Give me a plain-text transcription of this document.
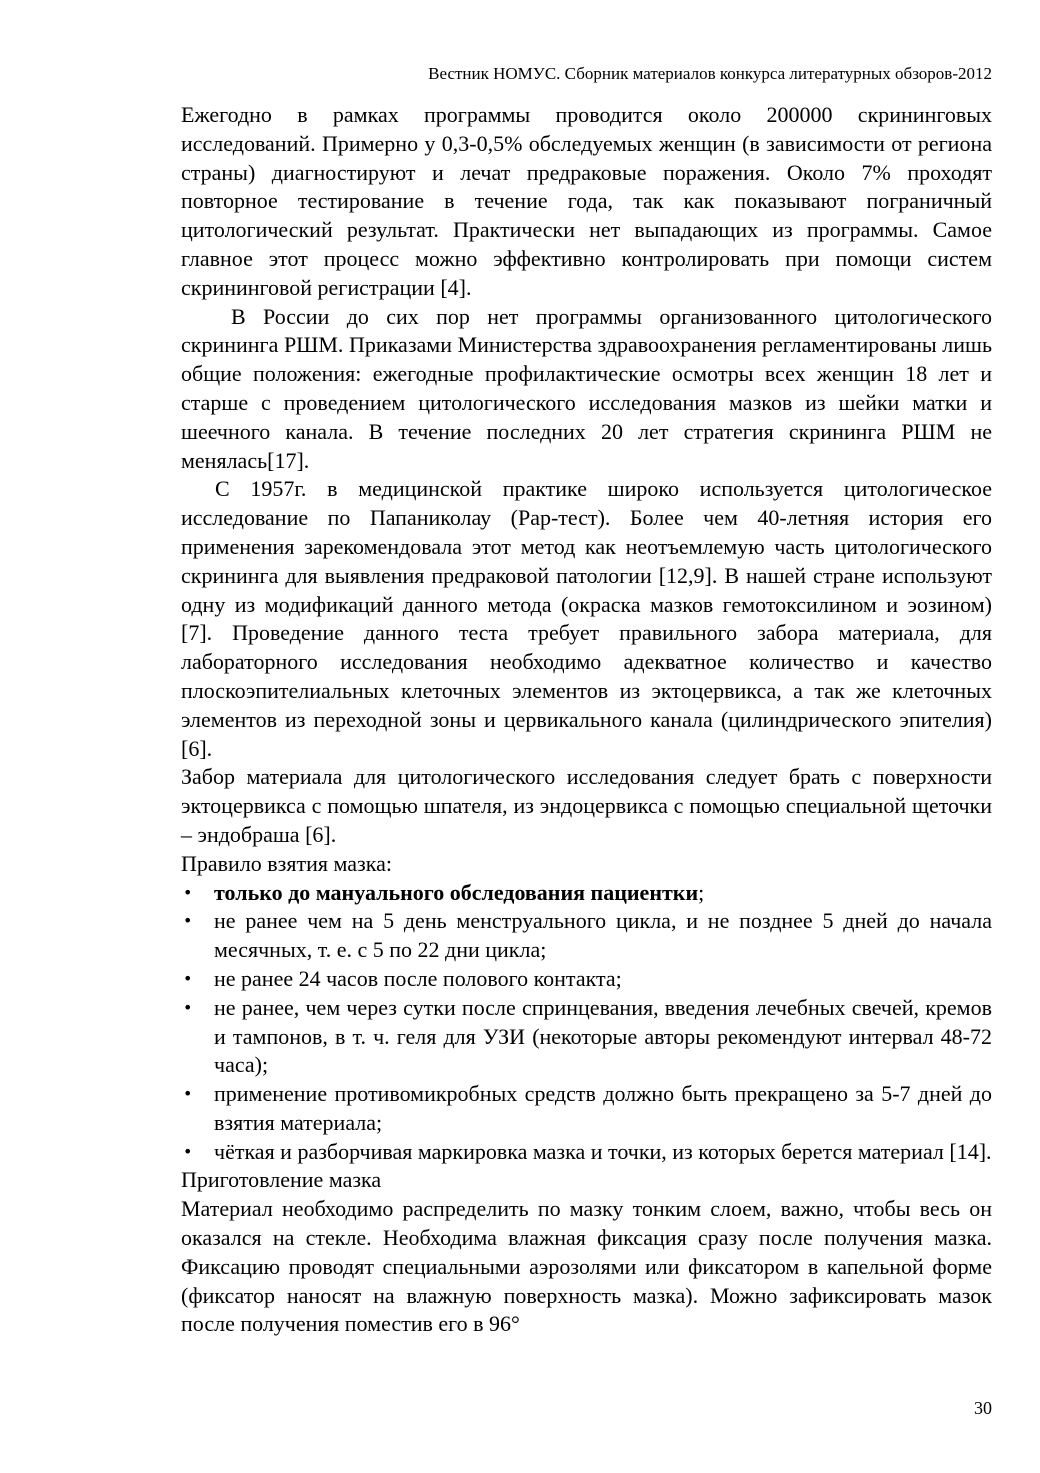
Вестник НОМУС. Сборник материалов конкурса литературных обзоров-2012

Ежегодно в рамках программы проводится около 200000 скрининговых исследований. Примерно у 0,3-0,5% обследуемых женщин (в зависимости от региона страны) диагностируют и лечат предраковые поражения. Около 7% проходят повторное тестирование в течение года, так как показывают пограничный цитологический результат. Практически нет выпадающих из программы. Самое главное этот процесс можно эффективно контролировать при помощи систем скрининговой регистрации [4].

В России до сих пор нет программы организованного цитологического скрининга РШМ. Приказами Министерства здравоохранения регламентированы лишь общие положения: ежегодные профилактические осмотры всех женщин 18 лет и старше с проведением цитологического исследования мазков из шейки матки и шеечного канала. В течение последних 20 лет стратегия скрининга РШМ не менялась[17].

С 1957г. в медицинской практике широко используется цитологическое исследование по Папаниколау (Pap-тест). Более чем 40-летняя история его применения зарекомендовала этот метод как неотъемлемую часть цитологического скрининга для выявления предраковой патологии [12,9]. В нашей стране используют одну из модификаций данного метода (окраска мазков гемотоксилином и эозином) [7]. Проведение данного теста требует правильного забора материала, для лабораторного исследования необходимо адекватное количество и качество плоскоэпителиальных клеточных элементов из эктоцервикса, а так же клеточных элементов из переходной зоны и цервикального канала (цилиндрического эпителия) [6].

Забор материала для цитологического исследования следует брать с поверхности эктоцервикса с помощью шпателя, из эндоцервикса с помощью специальной щеточки – эндобраша [6].

Правило взятия мазка:

• только до мануального обследования пациентки;
• не ранее чем на 5 день менструального цикла, и не позднее 5 дней до начала месячных, т. е. с 5 по 22 дни цикла;
• не ранее 24 часов после полового контакта;
• не ранее, чем через сутки после спринцевания, введения лечебных свечей, кремов и тампонов, в т. ч. геля для УЗИ (некоторые авторы рекомендуют интервал 48-72 часа);
• применение противомикробных средств должно быть прекращено за 5-7 дней до взятия материала;
• чёткая и разборчивая маркировка мазка и точки, из которых берется материал [14].

Приготовление мазка

Материал необходимо распределить по мазку тонким слоем, важно, чтобы весь он оказался на стекле. Необходима влажная фиксация сразу после получения мазка. Фиксацию проводят специальными аэрозолями или фиксатором в капельной форме (фиксатор наносят на влажную поверхность мазка). Можно зафиксировать мазок после получения поместив его в 96°

30
